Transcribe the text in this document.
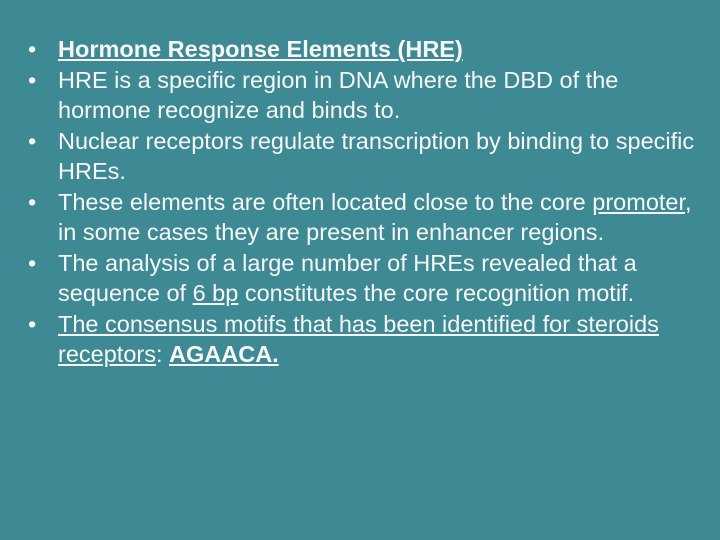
• Hormone Response Elements (HRE)
• HRE is a specific region in DNA where the DBD of the hormone recognize and binds to.
• Nuclear receptors regulate transcription by binding to specific HREs.
• These elements are often located close to the core promoter, in some cases they are present in enhancer regions.
• The analysis of a large number of HREs revealed that a sequence of 6 bp constitutes the core recognition motif.
• The consensus motifs that has been identified for steroids receptors: AGAACA.
